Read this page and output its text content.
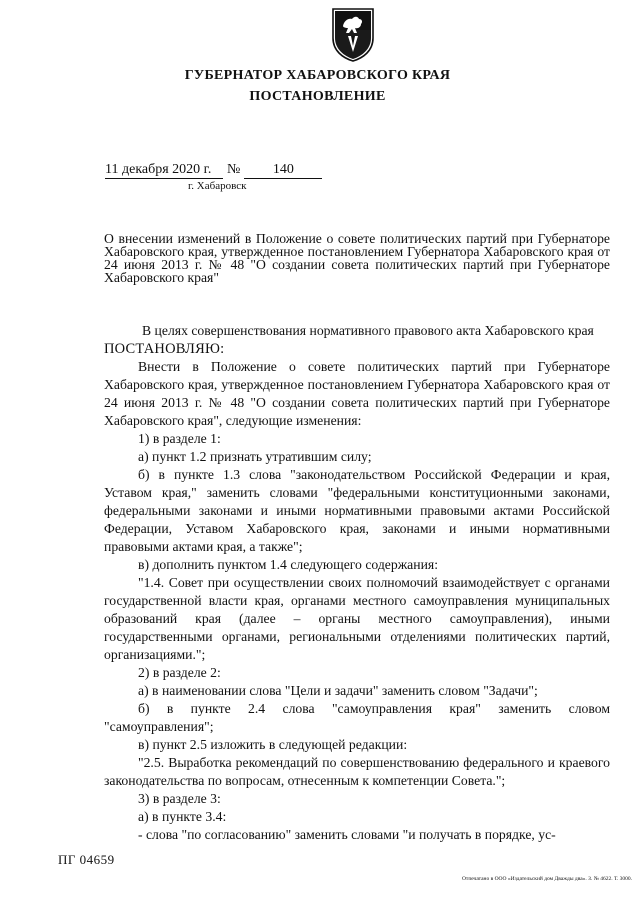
ГУБЕРНАТОР ХАБАРОВСКОГО КРАЯ
ПОСТАНОВЛЕНИЕ
11 декабря 2020 г. № 140
г. Хабаровск
О внесении изменений в Положение о совете политических партий при Губернаторе Хабаровского края, утвержденное постановлением Губернатора Хабаровского края от 24 июня 2013 г. № 48 "О создании совета политических партий при Губернаторе Хабаровского края"

В целях совершенствования нормативного правового акта Хабаровского края

ПОСТАНОВЛЯЮ:

Внести в Положение о совете политических партий при Губернаторе Хабаровского края, утвержденное постановлением Губернатора Хабаровского края от 24 июня 2013 г. № 48 "О создании совета политических партий при Губернаторе Хабаровского края", следующие изменения:

1) в разделе 1:

а) пункт 1.2 признать утратившим силу;

б) в пункте 1.3 слова "законодательством Российской Федерации и края, Уставом края," заменить словами "федеральными конституционными законами, федеральными законами и иными нормативными правовыми актами Российской Федерации, Уставом Хабаровского края, законами и иными нормативными правовыми актами края, а также";

в) дополнить пунктом 1.4 следующего содержания:

"1.4. Совет при осуществлении своих полномочий взаимодействует с органами государственной власти края, органами местного самоуправления муниципальных образований края (далее – органы местного самоуправления), иными государственными органами, региональными отделениями политических партий, организациями.";

2) в разделе 2:

а) в наименовании слова "Цели и задачи" заменить словом "Задачи";

б) в пункте 2.4 слова "самоуправления края" заменить словом "самоуправления";

в) пункт 2.5 изложить в следующей редакции:

"2.5. Выработка рекомендаций по совершенствованию федерального и краевого законодательства по вопросам, отнесенным к компетенции Совета.";

3) в разделе 3:

а) в пункте 3.4:

- слова "по согласованию" заменить словами "и получать в порядке, ус-

ПГ 04659
Отпечатано в ООО «Издательский дом Дважды два». З. № 4622. Т. 3000.
